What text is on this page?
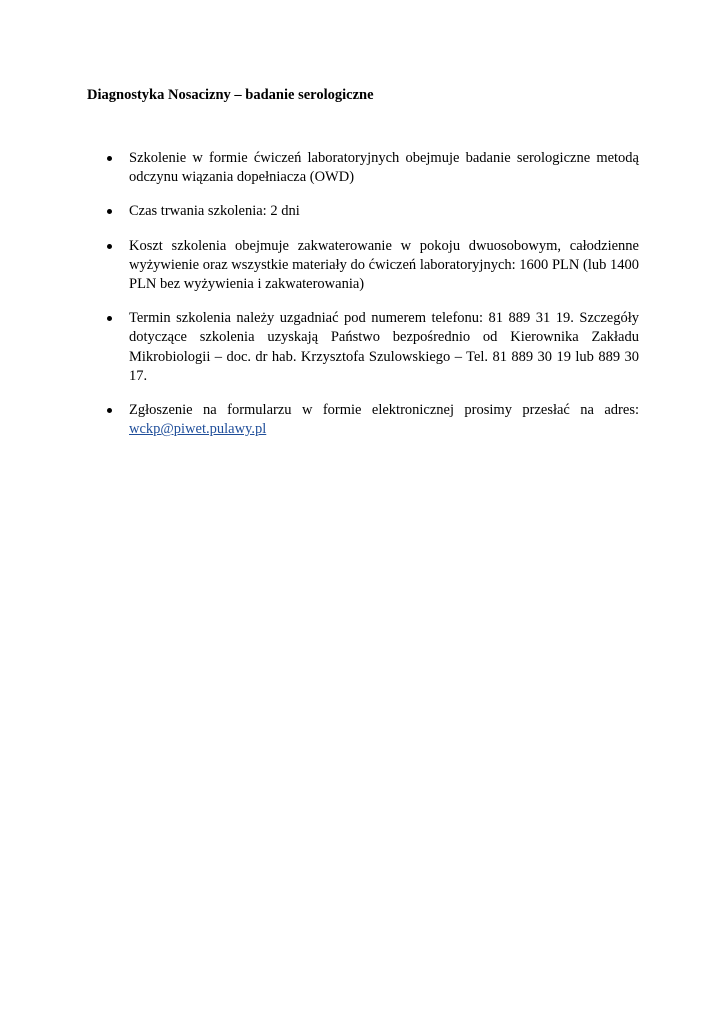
Diagnostyka Nosacizny – badanie serologiczne
Szkolenie w formie ćwiczeń laboratoryjnych obejmuje badanie serologiczne metodą odczynu wiązania dopełniacza (OWD)
Czas trwania szkolenia: 2 dni
Koszt szkolenia obejmuje zakwaterowanie w pokoju dwuosobowym, całodzienne wyżywienie oraz wszystkie materiały do ćwiczeń laboratoryjnych: 1600 PLN (lub 1400 PLN bez wyżywienia i zakwaterowania)
Termin szkolenia należy uzgadniać pod numerem telefonu: 81 889 31 19. Szczegóły dotyczące szkolenia uzyskają Państwo bezpośrednio od Kierownika Zakładu Mikrobiologii – doc. dr hab. Krzysztofa Szulowskiego – Tel. 81 889 30 19 lub 889 30 17.
Zgłoszenie na formularzu w formie elektronicznej prosimy przesłać na adres: wckp@piwet.pulawy.pl
